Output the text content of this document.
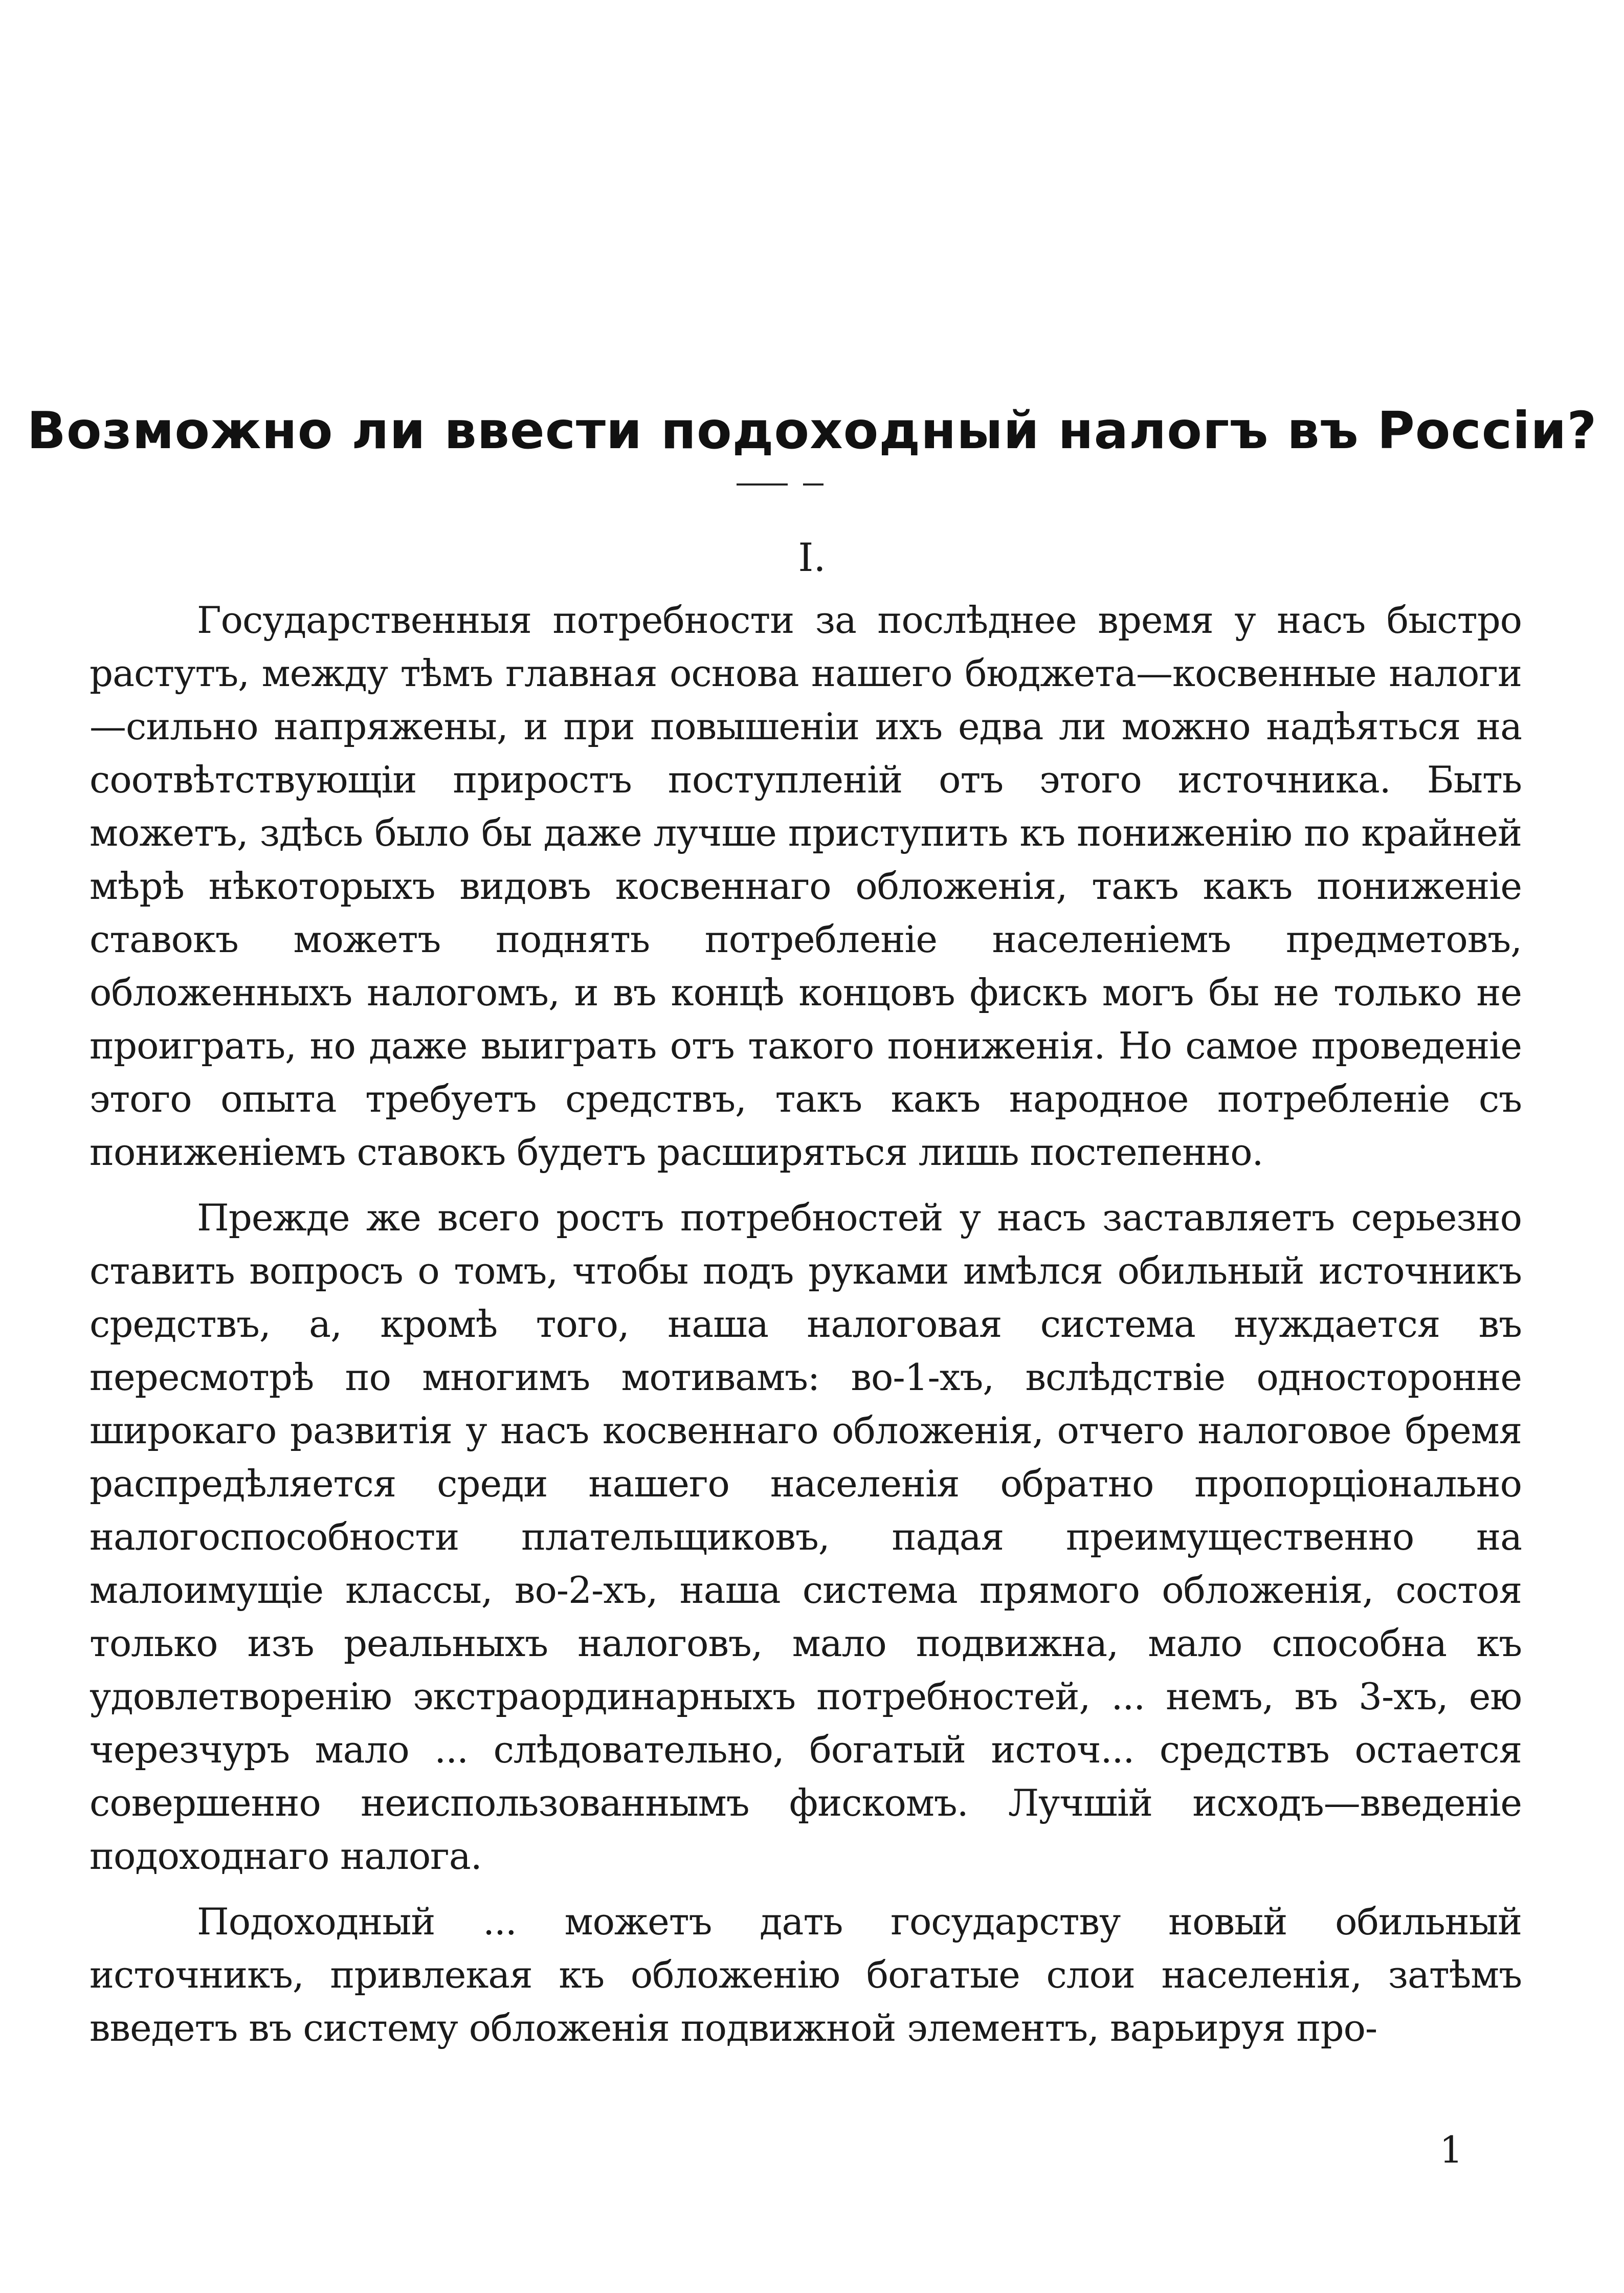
Возможно ли ввести подоходный налогъ въ Россіи?
I.

Государственныя потребности за послѣднее время у насъ быстро растутъ, между тѣмъ главная основа нашего бюджета—косвенные налоги—сильно напряжены, и при повышеніи ихъ едва ли можно надѣяться на соотвѣтствующіи приростъ поступленій отъ этого источника. Быть можетъ, здѣсь было бы даже лучше приступить къ пониженію по крайней мѣрѣ нѣкоторыхъ видовъ косвеннаго обложенія, такъ какъ пониженіе ставокъ можетъ поднять потребленіе населеніемъ предметовъ, обложенныхъ налогомъ, и въ концѣ концовъ фискъ могъ бы не только не проиграть, но даже выиграть отъ такого пониженія. Но самое проведеніе этого опыта требуетъ средствъ, такъ какъ народное потребленіе съ пониженіемъ ставокъ будетъ расширяться лишь постепенно.

Прежде же всего ростъ потребностей у насъ заставляетъ серьезно ставить вопросъ о томъ, чтобы подъ руками имѣлся обильный источникъ средствъ, а, кромѣ того, наша налоговая система нуждается въ пересмотрѣ по многимъ мотивамъ: во-1-хъ, вслѣдствіе односторонне широкаго развитія у насъ косвеннаго обложенія, отчего налоговое бремя распредѣляется среди нашего населенія обратно пропорціонально налогоспособности плательщиковъ, падая преимущественно на малоимущіе классы, во-2-хъ, наша система прямого обложенія, состоя только изъ реальныхъ налоговъ, мало подвижна, мало способна къ удовлетворенію экстраординарныхъ потребностей, ... немъ, въ 3-хъ, ею черезчуръ мало ... слѣдовательно, богатый источ... средствъ остается совершенно неиспользованнымъ фискомъ. Лучшій исходъ—введеніе подоходнаго налога.

Подоходный ... можетъ дать государству новый обильный источникъ, привлекая къ обложенію богатые слои населенія, затѣмъ введетъ въ систему обложенія подвижной элементъ, варьируя про-

1
